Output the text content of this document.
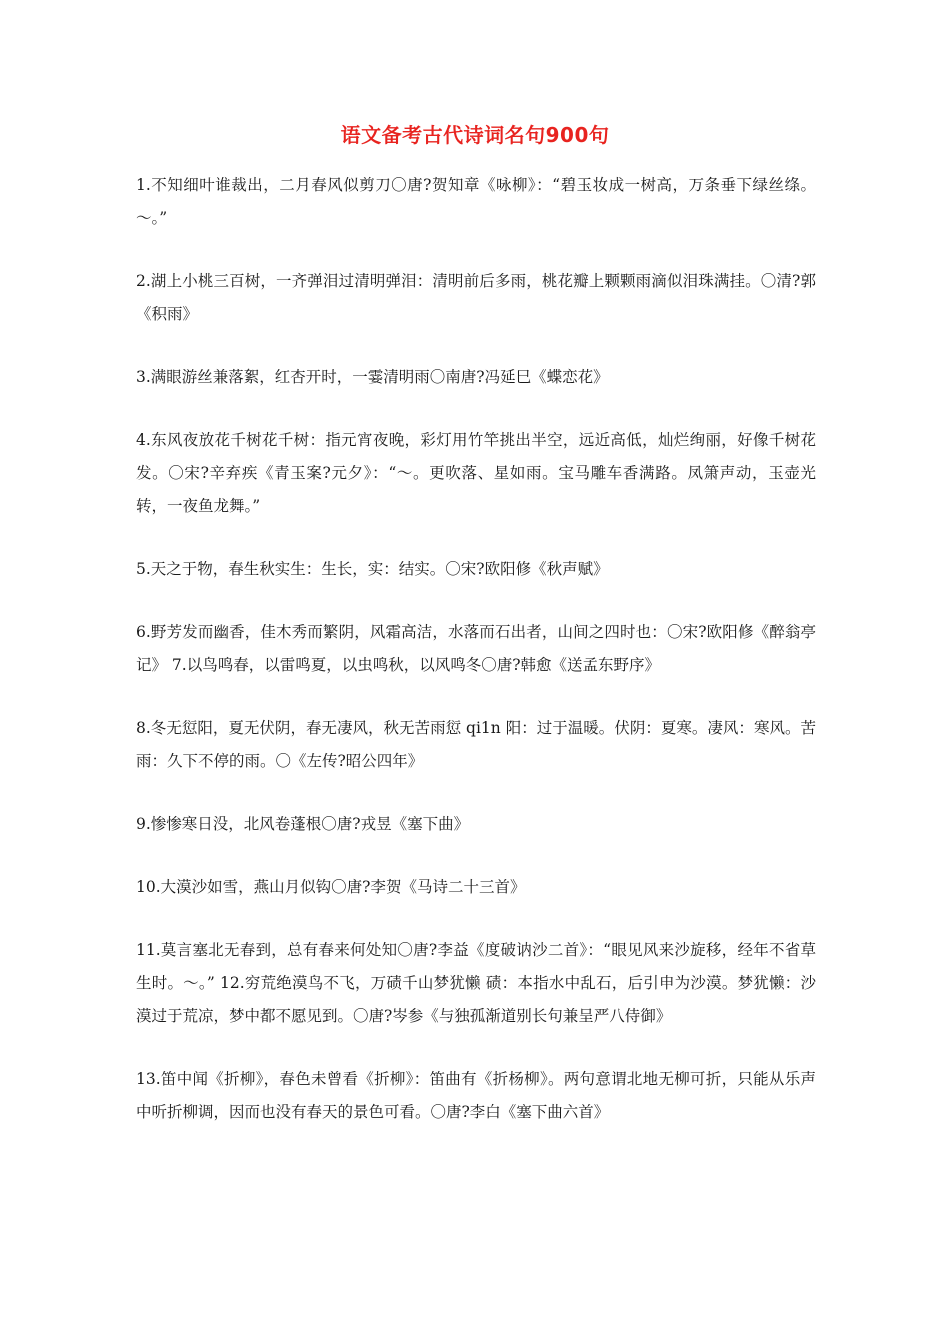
语文备考古代诗词名句900句

1.不知细叶谁裁出，二月春风似剪刀〇唐?贺知章《咏柳》：“碧玉妆成一树高，万条垂下绿丝绦。～。”

2.湖上小桃三百树，一齐弹泪过清明弹泪：清明前后多雨，桃花瓣上颗颗雨滴似泪珠满挂。〇清?郭《积雨》

3.满眼游丝兼落絮，红杏开时，一霎清明雨〇南唐?冯延巳《蝶恋花》

4.东风夜放花千树花千树：指元宵夜晚，彩灯用竹竿挑出半空，远近高低，灿烂绚丽，好像千树花发。〇宋?辛弃疾《青玉案?元夕》：“～。更吹落、星如雨。宝马雕车香满路。凤箫声动，玉壶光转，一夜鱼龙舞。”

5.天之于物，春生秋实生：生长，实：结实。〇宋?欧阳修《秋声赋》

6.野芳发而幽香，佳木秀而繁阴，风霜高洁，水落而石出者，山间之四时也：〇宋?欧阳修《醉翁亭记》 7.以鸟鸣春，以雷鸣夏，以虫鸣秋，以风鸣冬〇唐?韩愈《送孟东野序》

8.冬无愆阳，夏无伏阴，春无凄风，秋无苦雨愆 qi1n 阳：过于温暖。伏阴：夏寒。凄风：寒风。苦雨：久下不停的雨。〇《左传?昭公四年》

9.惨惨寒日没，北风卷蓬根〇唐?戎昱《塞下曲》

10.大漠沙如雪，燕山月似钩〇唐?李贺《马诗二十三首》

11.莫言塞北无春到，总有春来何处知〇唐?李益《度破讷沙二首》：“眼见风来沙旋移，经年不省草生时。～。” 12.穷荒绝漠鸟不飞，万碛千山梦犹懒 碛：本指水中乱石，后引申为沙漠。梦犹懒：沙漠过于荒凉，梦中都不愿见到。〇唐?岑参《与独孤渐道别长句兼呈严八侍御》

13.笛中闻《折柳》，春色未曾看《折柳》：笛曲有《折杨柳》。两句意谓北地无柳可折，只能从乐声中听折柳调，因而也没有春天的景色可看。〇唐?李白《塞下曲六首》
